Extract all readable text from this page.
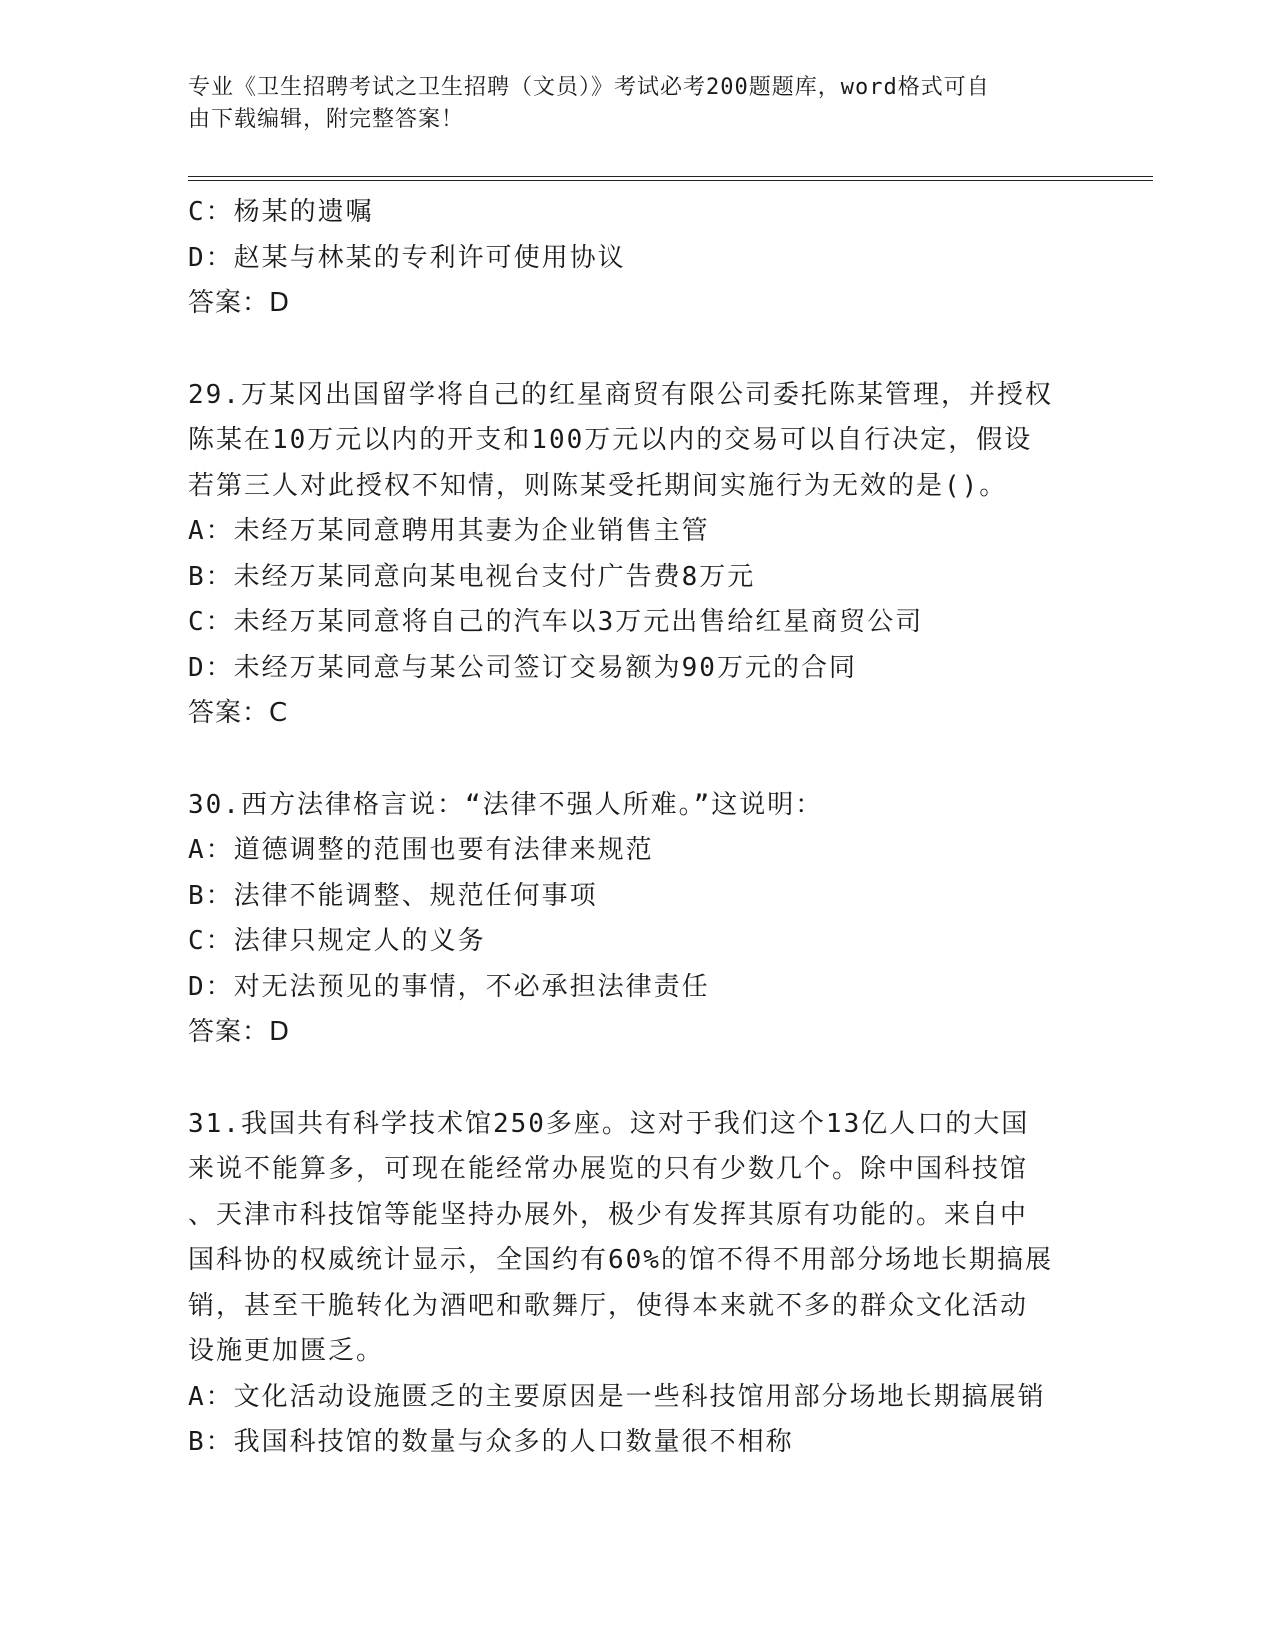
专业《卫生招聘考试之卫生招聘（文员）》考试必考200题题库，word格式可自
由下载编辑，附完整答案！
C：杨某的遗嘱
D：赵某与林某的专利许可使用协议
答案：D
29.万某冈出国留学将自己的红星商贸有限公司委托陈某管理，并授权
陈某在10万元以内的开支和100万元以内的交易可以自行决定，假设
若第三人对此授权不知情，则陈某受托期间实施行为无效的是()。
A：未经万某同意聘用其妻为企业销售主管
B：未经万某同意向某电视台支付广告费8万元
C：未经万某同意将自己的汽车以3万元出售给红星商贸公司
D：未经万某同意与某公司签订交易额为90万元的合同
答案：C
30.西方法律格言说：“法律不强人所难。”这说明：
A：道德调整的范围也要有法律来规范
B：法律不能调整、规范任何事项
C：法律只规定人的义务
D：对无法预见的事情，不必承担法律责任
答案：D
31.我国共有科学技术馆250多座。这对于我们这个13亿人口的大国
来说不能算多，可现在能经常办展览的只有少数几个。除中国科技馆
、天津市科技馆等能坚持办展外，极少有发挥其原有功能的。来自中
国科协的权威统计显示，全国约有60%的馆不得不用部分场地长期搞展
销，甚至干脆转化为酒吧和歌舞厅，使得本来就不多的群众文化活动
设施更加匮乏。
A：文化活动设施匮乏的主要原因是一些科技馆用部分场地长期搞展销
B：我国科技馆的数量与众多的人口数量很不相称
